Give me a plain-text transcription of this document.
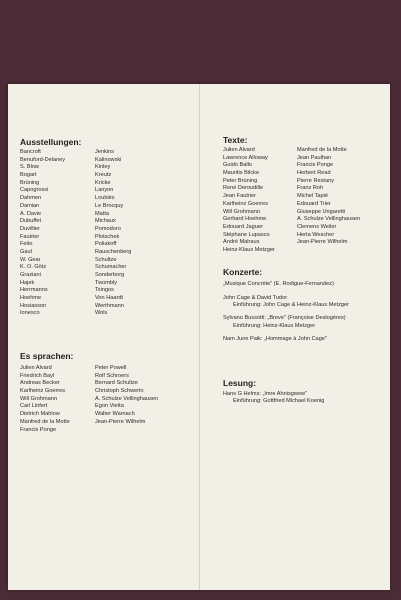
Ausstellungen:
Bancroft
Benuford-Delaney
S. Blow
Bogart
Brüning
Capogrossi
Dahmen
Damian
A. Davie
Dubuffet
Duvillier
Fautrier
Feito
Gaul
W. Gear
K. O. Götz
Graziani
Hajek
Herrmanns
Hoehme
Hosiasson
Ionesco
Jenkins
Kalinowski
Kinley
Kreutz
Kricke
Lanyon
Loubiès
Le Brocquy
Matta
Michaux
Pomodoro
Plotschek
Poliakoff
Rauschenberg
Schultze
Schumacher
Sonderborg
Twombly
Tsingos
Von Haardt
Werthmann
Wols
Es sprachen:
Julien Alvard
Friedrich Bayl
Andreas Becker
Karlheinz Goerres
Will Grohmann
Carl Linfert
Dietrich Mahlow
Manfred de la Motte
Francis Ponge
Peter Powell
Rolf Schroers
Bernard Schultze
Christoph Schwerin
A. Schulze Vellinghausen
Egon Vietta
Walter Warnach
Jean-Pierre Wilhelm
Texte:
Julien Alvard
Lawrence Alloway
Guido Ballo
Mauritis Bilcke
Peter Brüning
René Deroudille
Jean Fautrier
Karlheinz Goerres
Will Grohmann
Gerhard Hoehme
Edouard Jaguer
Stéphane Lupasco
André Malraux
Heinz-Klaus Metzger
Manfred de la Motte
Jean Paulhan
Francis Ponge
Herbert Read
Pierre Restany
Franz Roh
Michel Tapié
Edouard Trier
Giuseppe Ungaretti
A. Schulze Vellinghausen
Clemens Weiler
Herta Wescher
Jean-Pierre Wilhelm
Konzerte:
„Musique Concrète" (E. Rodigue-Fernandez)
John Cage & David Tudor
Einführung: John Cage & Heinz-Klaus Metzger
Sylvano Bussotti: „Breve" (Françoise Deslogères)
Einführung: Heinz-Klaus Metzger
Nam June Paik: „Hommage à John Cage"
Lesung:
Hans G Helms: „Imre Ahnisgwow"
Einführung: Gottfried Michael Koenig
